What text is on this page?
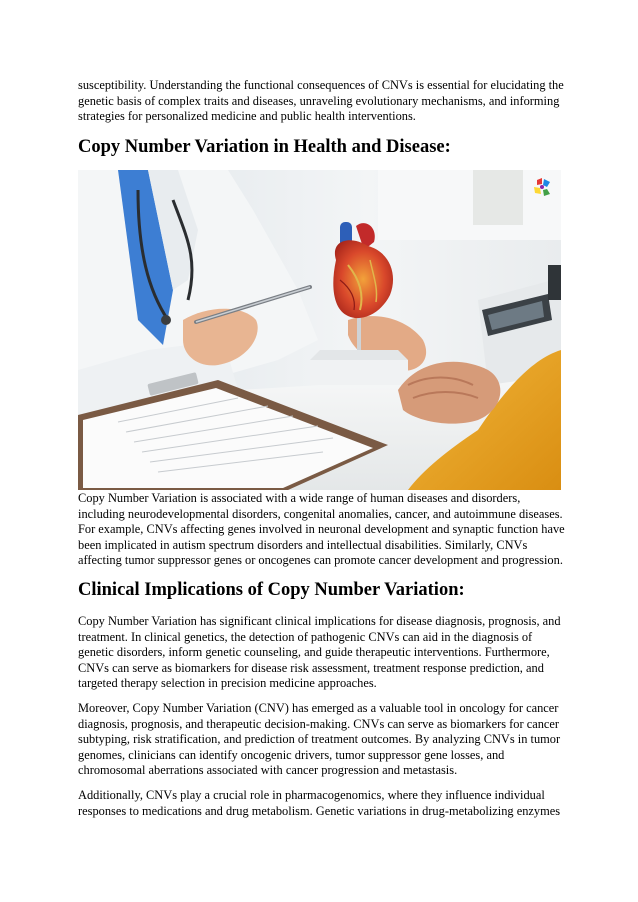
susceptibility. Understanding the functional consequences of CNVs is essential for elucidating the genetic basis of complex traits and diseases, unraveling evolutionary mechanisms, and informing strategies for personalized medicine and public health interventions.

Copy Number Variation in Health and Disease:

Copy Number Variation is associated with a wide range of human diseases and disorders, including neurodevelopmental disorders, congenital anomalies, cancer, and autoimmune diseases. For example, CNVs affecting genes involved in neuronal development and synaptic function have been implicated in autism spectrum disorders and intellectual disabilities. Similarly, CNVs affecting tumor suppressor genes or oncogenes can promote cancer development and progression.

Clinical Implications of Copy Number Variation:

Copy Number Variation has significant clinical implications for disease diagnosis, prognosis, and treatment. In clinical genetics, the detection of pathogenic CNVs can aid in the diagnosis of genetic disorders, inform genetic counseling, and guide therapeutic interventions. Furthermore, CNVs can serve as biomarkers for disease risk assessment, treatment response prediction, and targeted therapy selection in precision medicine approaches.

Moreover, Copy Number Variation (CNV) has emerged as a valuable tool in oncology for cancer diagnosis, prognosis, and therapeutic decision-making. CNVs can serve as biomarkers for cancer subtyping, risk stratification, and prediction of treatment outcomes. By analyzing CNVs in tumor genomes, clinicians can identify oncogenic drivers, tumor suppressor gene losses, and chromosomal aberrations associated with cancer progression and metastasis.

Additionally, CNVs play a crucial role in pharmacogenomics, where they influence individual responses to medications and drug metabolism. Genetic variations in drug-metabolizing enzymes
